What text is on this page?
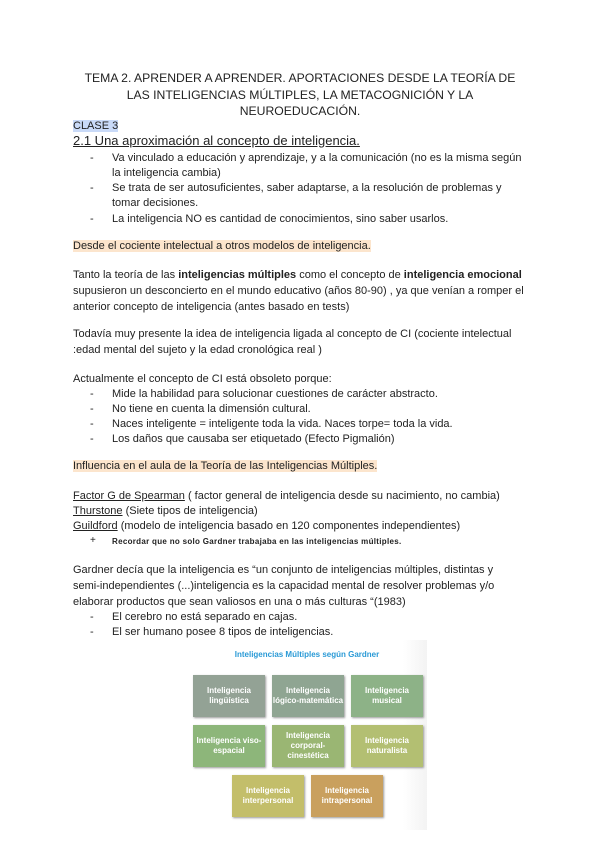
TEMA 2. APRENDER A APRENDER. APORTACIONES DESDE LA TEORÍA DE
LAS INTELIGENCIAS MÚLTIPLES, LA METACOGNICIÓN Y LA
NEUROEDUCACIÓN.
CLASE 3
2.1 Una aproximación al concepto de inteligencia.
- Va vinculado a educación y aprendizaje, y a la comunicación (no es la misma según
la inteligencia cambia)
- Se trata de ser autosuficientes, saber adaptarse, a la resolución de problemas y
tomar decisiones.
- La inteligencia NO es cantidad de conocimientos, sino saber usarlos.
Desde el cociente intelectual a otros modelos de inteligencia.
Tanto la teoría de las inteligencias múltiples como el concepto de inteligencia emocional
supusieron un desconcierto en el mundo educativo (años 80-90) , ya que venían a romper el
anterior concepto de inteligencia (antes basado en tests)
Todavía muy presente la idea de inteligencia ligada al concepto de CI (cociente intelectual
:edad mental del sujeto y la edad cronológica real )
Actualmente el concepto de CI está obsoleto porque:
- Mide la habilidad para solucionar cuestiones de carácter abstracto.
- No tiene en cuenta la dimensión cultural.
- Naces inteligente = inteligente toda la vida. Naces torpe= toda la vida.
- Los daños que causaba ser etiquetado (Efecto Pigmalión)
Influencia en el aula de la Teoría de las Inteligencias Múltiples.
Factor G de Spearman ( factor general de inteligencia desde su nacimiento, no cambia)
Thurstone (Siete tipos de inteligencia)
Guildford (modelo de inteligencia basado en 120 componentes independientes)
+ Recordar que no solo Gardner trabajaba en las inteligencias múltiples.
Gardner decía que la inteligencia es “un conjunto de inteligencias múltiples, distintas y
semi-independientes (...)inteligencia es la capacidad mental de resolver problemas y/o
elaborar productos que sean valiosos en una o más culturas “(1983)
- El cerebro no está separado en cajas.
- El ser humano posee 8 tipos de inteligencias.
Inteligencias Múltiples según Gardner
Inteligencia lingüística
Inteligencia lógico-matemática
Inteligencia musical
Inteligencia viso-espacial
Inteligencia corporal-cinestética
Inteligencia naturalista
Inteligencia interpersonal
Inteligencia intrapersonal
